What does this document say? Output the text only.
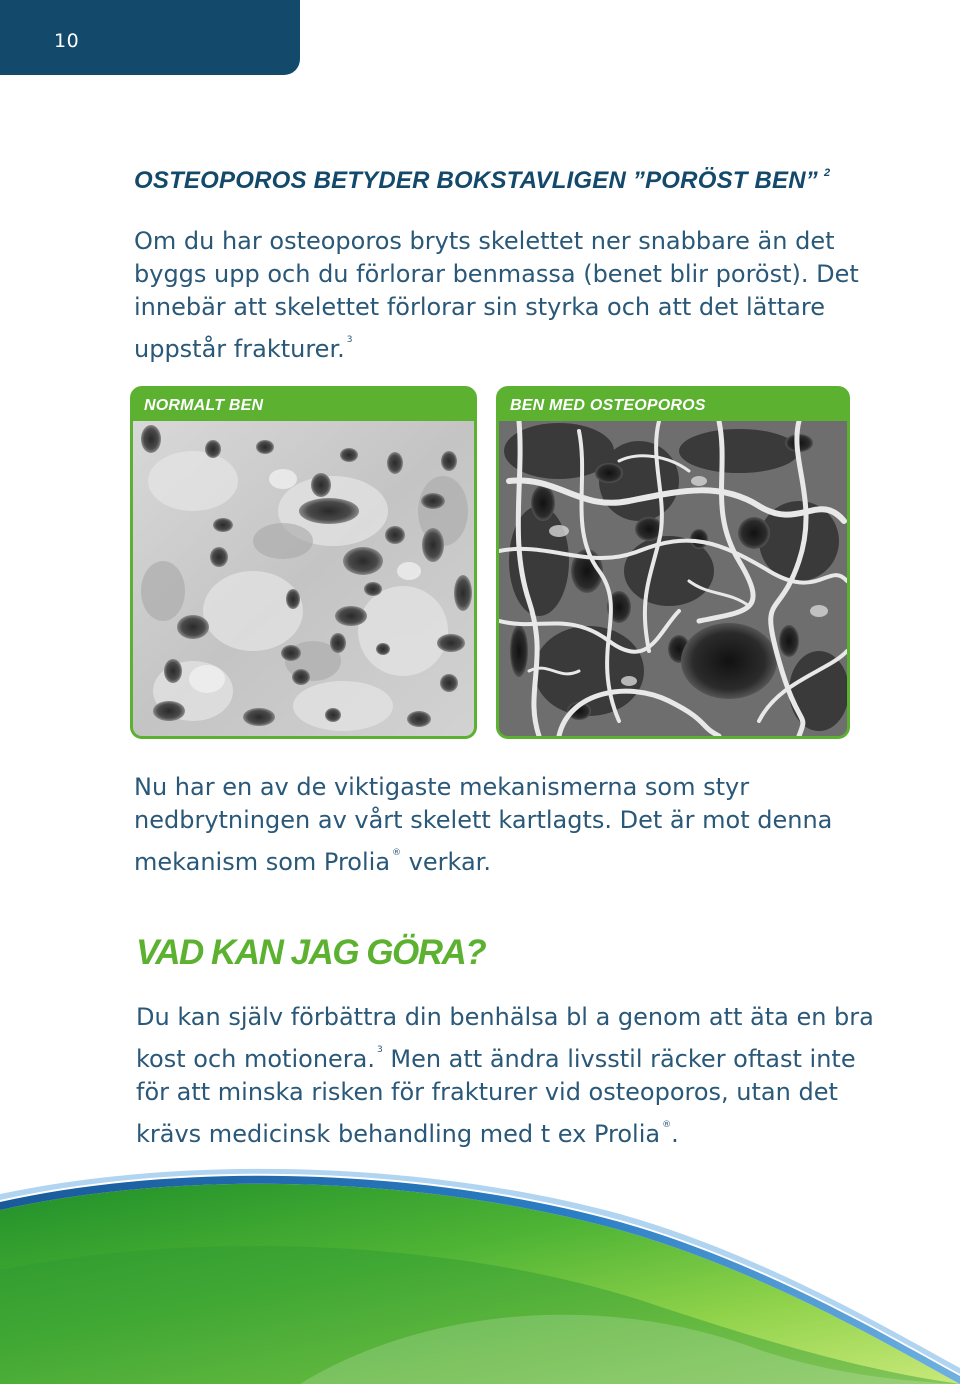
10
OSTEOPOROS BETYDER BOKSTAVLIGEN ”PORÖST BEN” $^2$

Om du har osteoporos bryts skelettet ner snabbare än det byggs upp och du förlorar benmassa (benet blir poröst). Det innebär att skelettet förlorar sin styrka och att det lättare uppstår frakturer. $^3$

NORMALT BEN	BEN MED OSTEOPOROS

Nu har en av de viktigaste mekanismerna som styr nedbrytningen av vårt skelett kartlagts. Det är mot denna mekanism som Prolia ® verkar.

VAD KAN JAG GÖRA?

Du kan själv förbättra din benhälsa bl a genom att äta en bra kost och motionera. $^3$ Men att ändra livsstil räcker oftast inte för att minska risken för frakturer vid osteoporos, utan det krävs medicinsk behandling med t ex Prolia ®.
